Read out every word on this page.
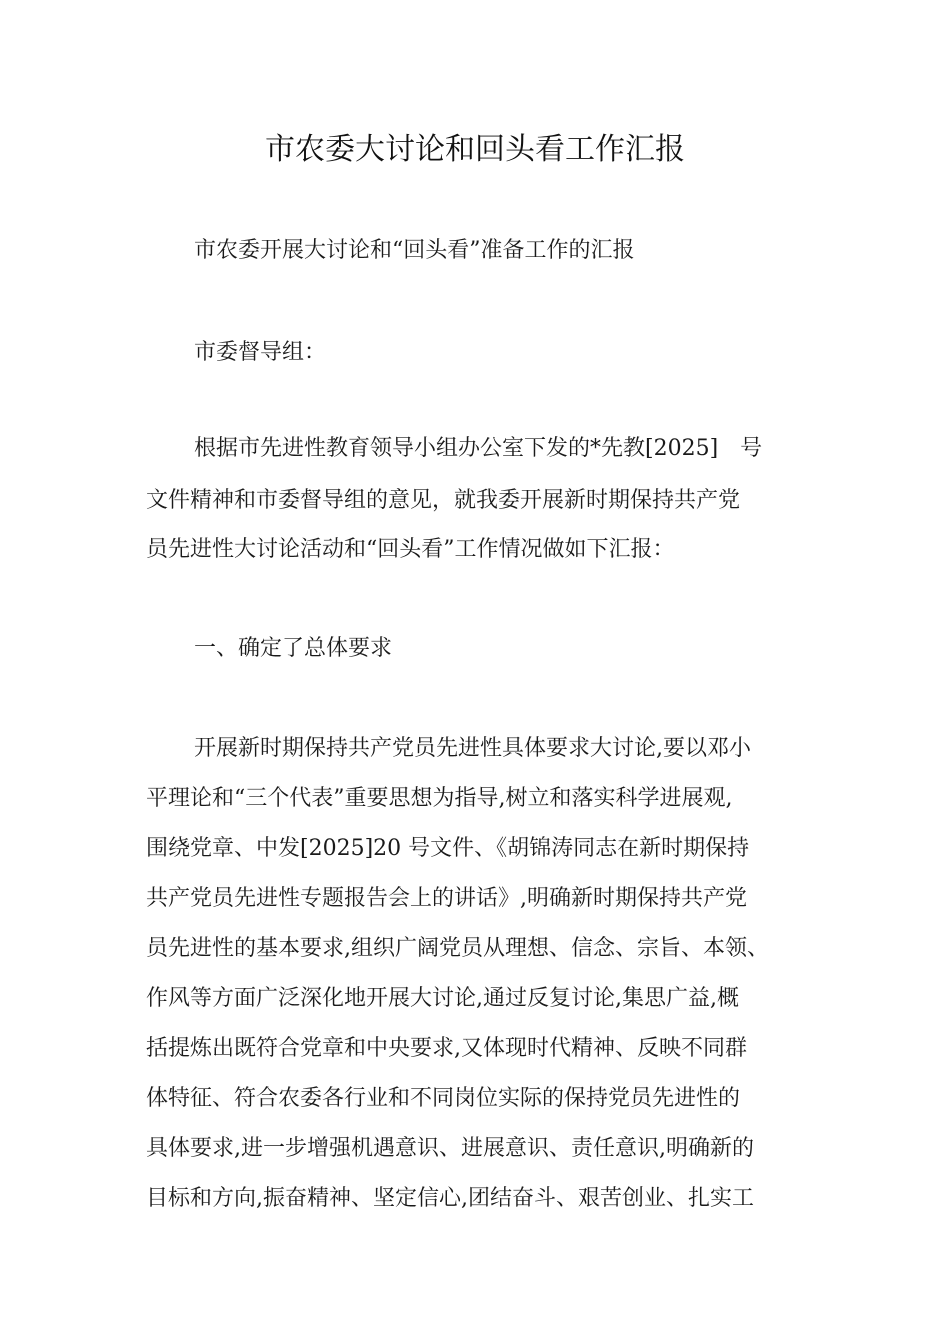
市农委大讨论和回头看工作汇报
市农委开展大讨论和“回头看”准备工作的汇报
市委督导组：
根据市先进性教育领导小组办公室下发的*先教[2025]　号
文件精神和市委督导组的意见，就我委开展新时期保持共产党
员先进性大讨论活动和“回头看”工作情况做如下汇报：
一、确定了总体要求
开展新时期保持共产党员先进性具体要求大讨论,要以邓小
平理论和“三个代表”重要思想为指导,树立和落实科学进展观,
围绕党章、中发[2025]20 号文件、《胡锦涛同志在新时期保持
共产党员先进性专题报告会上的讲话》,明确新时期保持共产党
员先进性的基本要求,组织广阔党员从理想、信念、宗旨、本领、
作风等方面广泛深化地开展大讨论,通过反复讨论,集思广益,概
括提炼出既符合党章和中央要求,又体现时代精神、反映不同群
体特征、符合农委各行业和不同岗位实际的保持党员先进性的
具体要求,进一步增强机遇意识、进展意识、责任意识,明确新的
目标和方向,振奋精神、坚定信心,团结奋斗、艰苦创业、扎实工
